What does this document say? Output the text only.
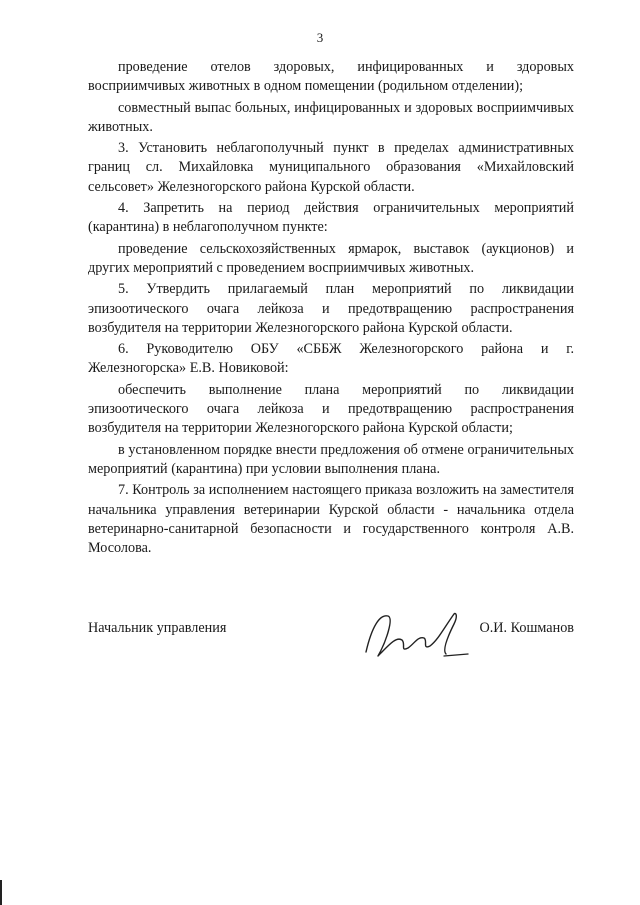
3

проведение отелов здоровых, инфицированных и здоровых восприимчивых животных в одном помещении (родильном отделении);

совместный выпас больных, инфицированных и здоровых восприимчивых животных.

3. Установить неблагополучный пункт в пределах административных границ сл. Михайловка муниципального образования «Михайловский сельсовет» Железногорского района Курской области.

4. Запретить на период действия ограничительных мероприятий (карантина) в неблагополучном пункте:

проведение сельскохозяйственных ярмарок, выставок (аукционов) и других мероприятий с проведением восприимчивых животных.

5. Утвердить прилагаемый план мероприятий по ликвидации эпизоотического очага лейкоза и предотвращению распространения возбудителя на территории Железногорского района Курской области.

6. Руководителю ОБУ «СББЖ Железногорского района и г. Железногорска» Е.В. Новиковой:

обеспечить выполнение плана мероприятий по ликвидации эпизоотического очага лейкоза и предотвращению распространения возбудителя на территории Железногорского района Курской области;

в установленном порядке внести предложения об отмене ограничительных мероприятий (карантина) при условии выполнения плана.

7. Контроль за исполнением настоящего приказа возложить на заместителя начальника управления ветеринарии Курской области - начальника отдела ветеринарно-санитарной безопасности и государственного контроля А.В. Мосолова.

Начальник управления	О.И. Кошманов
